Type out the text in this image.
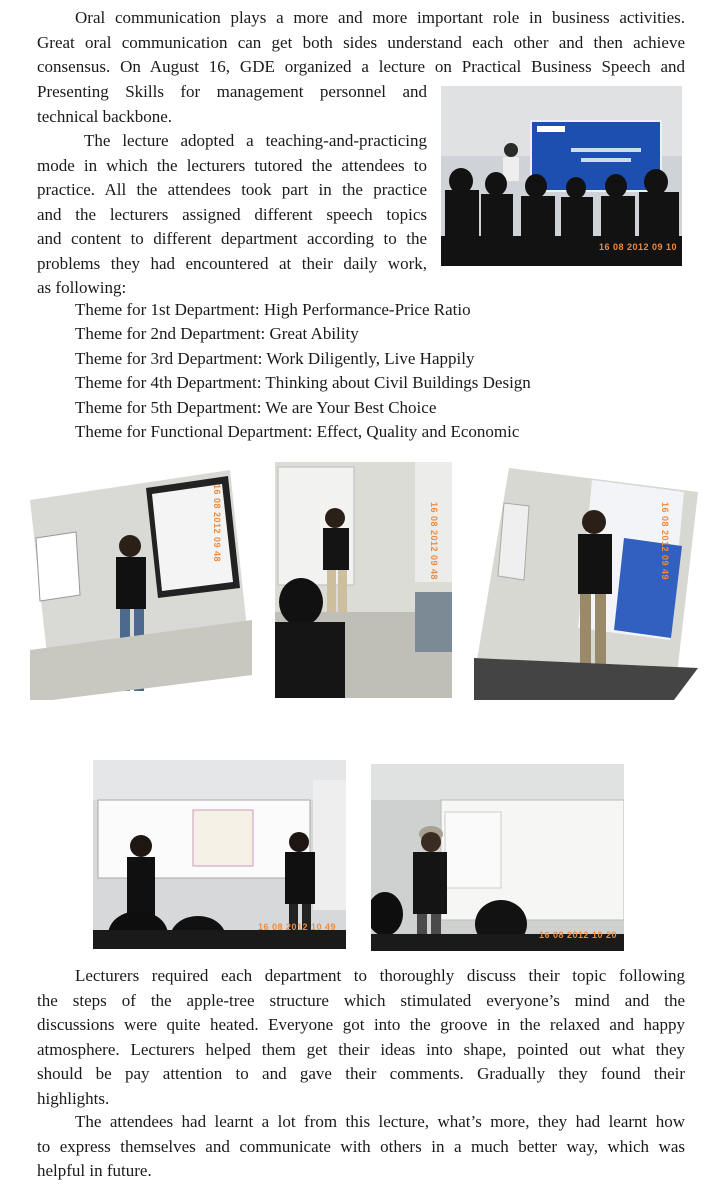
Oral communication plays a more and more important role in business activities.
Great oral communication can get both sides understand each other and then achieve
consensus. On August 16, GDE organized a lecture on Practical Business Speech and
Presenting Skills for management personnel and
technical backbone.
The lecture adopted a teaching-and-practicing
mode in which the lecturers tutored the attendees to
practice. All the attendees took part in the practice
and the lecturers assigned different speech topics
and content to different department according to the
problems they had encountered at their daily work,
as following:

Theme for 1st Department: High Performance-Price Ratio

Theme for 2nd Department: Great Ability

Theme for 3rd Department: Work Diligently, Live Happily

Theme for 4th Department: Thinking about Civil Buildings Design

Theme for 5th Department: We are Your Best Choice

Theme for Functional Department: Effect, Quality and Economic

16 08 2012 09 10
16 08 2012 09 48	16 08 2012 09 48	16 08 2012 09 49
16 08 2012 10 49
16 08 2012 10 20
Lecturers required each department to thoroughly discuss their topic following
the steps of the apple-tree structure which stimulated everyone’s mind and the
discussions were quite heated. Everyone got into the groove in the relaxed and happy
atmosphere. Lecturers helped them get their ideas into shape, pointed out what they
should be pay attention to and gave their comments. Gradually they found their
highlights.
The attendees had learnt a lot from this lecture, what’s more, they had learnt how
to express themselves and communicate with others in a much better way, which was
helpful in future.
